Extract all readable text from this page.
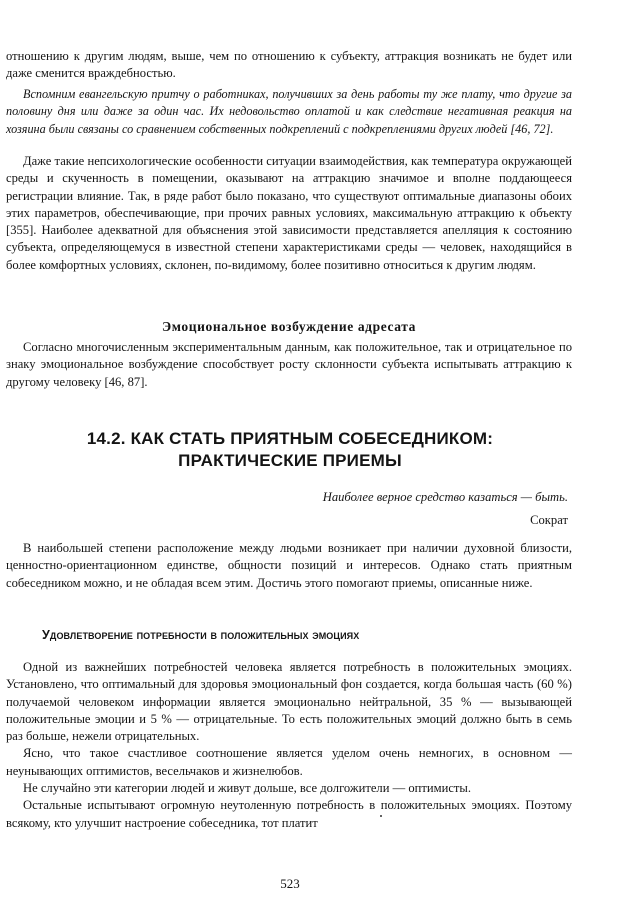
отношению к другим людям, выше, чем по отношению к субъекту, аттракция возникать не будет или даже сменится враждебностью.

Вспомним евангельскую притчу о работниках, получивших за день работы ту же плату, что другие за половину дня или даже за один час. Их недовольство оплатой и как следствие негативная реакция на хозяина были связаны со сравнением собственных подкреплений с подкреплениями других людей [46, 72].

Даже такие непсихологические особенности ситуации взаимодействия, как температура окружающей среды и скученность в помещении, оказывают на аттракцию значимое и вполне поддающееся регистрации влияние. Так, в ряде работ было показано, что существуют оптимальные диапазоны обоих этих параметров, обеспечивающие, при прочих равных условиях, максимальную аттракцию к объекту [355]. Наиболее адекватной для объяснения этой зависимости представляется апелляция к состоянию субъекта, определяющемуся в известной степени характеристиками среды — человек, находящийся в более комфортных условиях, склонен, по-видимому, более позитивно относиться к другим людям.

Эмоциональное возбуждение адресата

Согласно многочисленным экспериментальным данным, как положительное, так и отрицательное по знаку эмоциональное возбуждение способствует росту склонности субъекта испытывать аттракцию к другому человеку [46, 87].

14.2. КАК СТАТЬ ПРИЯТНЫМ СОБЕСЕДНИКОМ:
ПРАКТИЧЕСКИЕ ПРИЕМЫ
Наиболее верное средство казаться — быть.
Сократ

В наибольшей степени расположение между людьми возникает при наличии духовной близости, ценностно-ориентационном единстве, общности позиций и интересов. Однако стать приятным собеседником можно, и не обладая всем этим. Достичь этого помогают приемы, описанные ниже.

Удовлетворение потребности в положительных эмоциях

Одной из важнейших потребностей человека является потребность в положительных эмоциях. Установлено, что оптимальный для здоровья эмоциональный фон создается, когда большая часть (60 %) получаемой человеком информации является эмоционально нейтральной, 35 % — вызывающей положительные эмоции и 5 % — отрицательные. То есть положительных эмоций должно быть в семь раз больше, нежели отрицательных.

Ясно, что такое счастливое соотношение является уделом очень немногих, в основном — неунывающих оптимистов, весельчаков и жизнелюбов.

Не случайно эти категории людей и живут дольше, все долгожители — оптимисты.

Остальные испытывают огромную неутоленную потребность в положительных эмоциях. Поэтому всякому, кто улучшит настроение собеседника, тот платит

523
